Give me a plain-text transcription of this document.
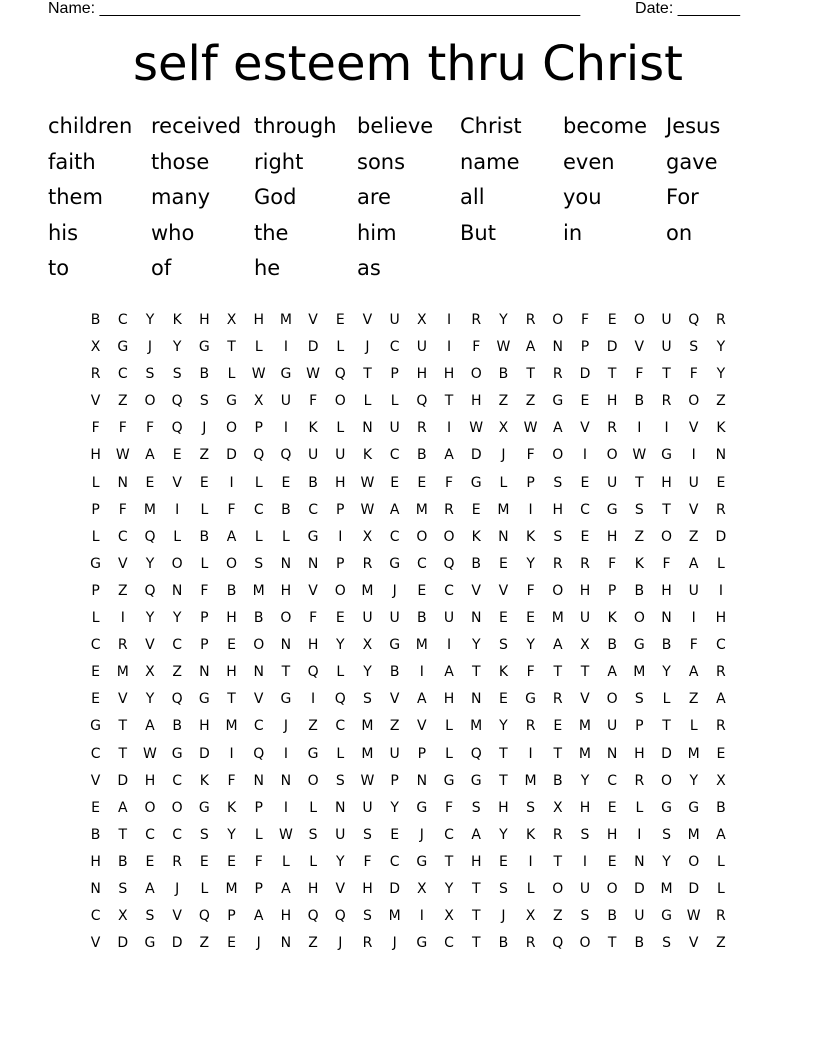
Name: ______________________________________________________	Date: _______
self esteem thru Christ
children received through believe	Christ	become Jesus
faith	those	right	sons	name	even	gave
them	many	God	are	all	you	For
his	who	the	him	But	in	on
to	of	he	as
B	C	Y	K	H	X	H	M	V	E	V	U	X	I	R	Y	R	O	F	E	O	U	Q	R
X	G	J	Y	G	T	L	I	D	L	J	C	U	I	F	W	A	N	P	D	V	U	S	Y
R	C	S	S	B	L	W	G	W	Q	T	P	H	H	O	B	T	R	D	T	F	T	F	Y
V	Z	O	Q	S	G	X	U	F	O	L	L	Q	T	H	Z	Z	G	E	H	B	R	O	Z
F	F	F	Q	J	O	P	I	K	L	N	U	R	I	W	X	W	A	V	R	I	I	V	K
H	W	A	E	Z	D	Q	Q	U	U	K	C	B	A	D	J	F	O	I	O	W	G	I	N
L	N	E	V	E	I	L	E	B	H	W	E	E	F	G	L	P	S	E	U	T	H	U	E
P	F	M	I	L	F	C	B	C	P	W	A	M	R	E	M	I	H	C	G	S	T	V	R
L	C	Q	L	B	A	L	L	G	I	X	C	O	O	K	N	K	S	E	H	Z	O	Z	D
G	V	Y	O	L	O	S	N	N	P	R	G	C	Q	B	E	Y	R	R	F	K	F	A	L
P	Z	Q	N	F	B	M	H	V	O	M	J	E	C	V	V	F	O	H	P	B	H	U	I
L	I	Y	Y	P	H	B	O	F	E	U	U	B	U	N	E	E	M	U	K	O	N	I	H
C	R	V	C	P	E	O	N	H	Y	X	G	M	I	Y	S	Y	A	X	B	G	B	F	C
E	M	X	Z	N	H	N	T	Q	L	Y	B	I	A	T	K	F	T	T	A	M	Y	A	R
E	V	Y	Q	G	T	V	G	I	Q	S	V	A	H	N	E	G	R	V	O	S	L	Z	A
G	T	A	B	H	M	C	J	Z	C	M	Z	V	L	M	Y	R	E	M	U	P	T	L	R
C	T	W	G	D	I	Q	I	G	L	M	U	P	L	Q	T	I	T	M	N	H	D	M	E
V	D	H	C	K	F	N	N	O	S	W	P	N	G	G	T	M	B	Y	C	R	O	Y	X
E	A	O	O	G	K	P	I	L	N	U	Y	G	F	S	H	S	X	H	E	L	G	G	B
B	T	C	C	S	Y	L	W	S	U	S	E	J	C	A	Y	K	R	S	H	I	S	M	A
H	B	E	R	E	E	F	L	L	Y	F	C	G	T	H	E	I	T	I	E	N	Y	O	L
N	S	A	J	L	M	P	A	H	V	H	D	X	Y	T	S	L	O	U	O	D	M	D	L
C	X	S	V	Q	P	A	H	Q	Q	S	M	I	X	T	J	X	Z	S	B	U	G	W	R
V	D	G	D	Z	E	J	N	Z	J	R	J	G	C	T	B	R	Q	O	T	B	S	V	Z
